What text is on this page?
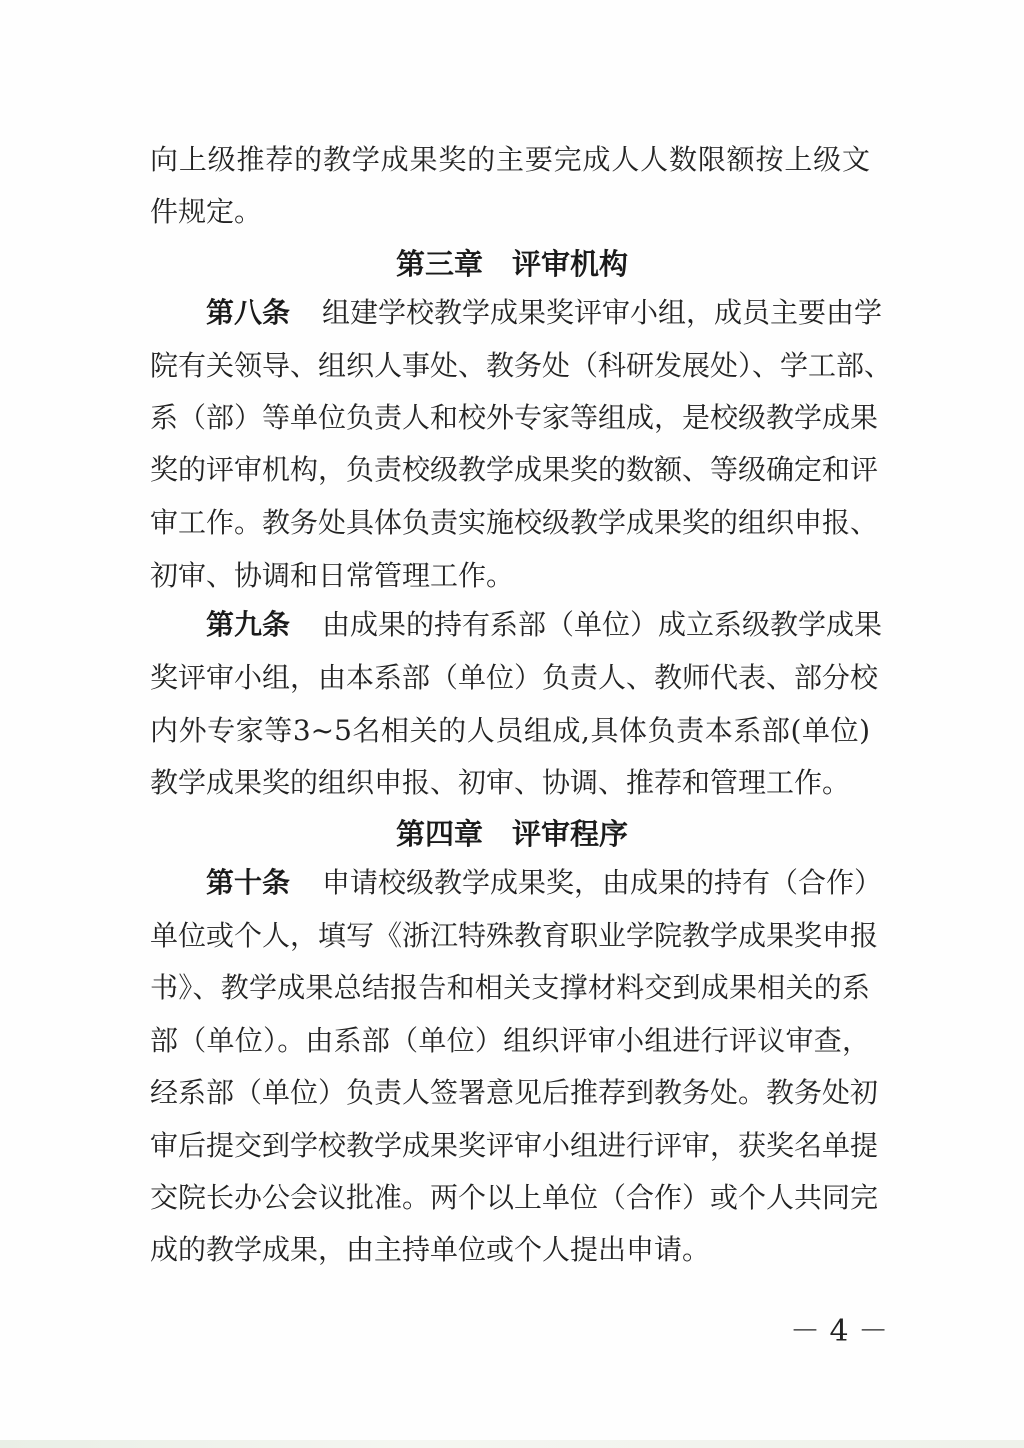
向上级推荐的教学成果奖的主要完成人人数限额按上级文
件规定。
第三章　评审机构
第八条 组建学校教学成果奖评审小组，成员主要由学
院有关领导、组织人事处、教务处（科研发展处）、学工部、
系（部）等单位负责人和校外专家等组成，是校级教学成果
奖的评审机构，负责校级教学成果奖的数额、等级确定和评
审工作。教务处具体负责实施校级教学成果奖的组织申报、
初审、协调和日常管理工作。
第九条 由成果的持有系部（单位）成立系级教学成果
奖评审小组，由本系部（单位）负责人、教师代表、部分校
内外专家等3~5名相关的人员组成,具体负责本系部(单位)
教学成果奖的组织申报、初审、协调、推荐和管理工作。
第四章　评审程序
第十条 申请校级教学成果奖，由成果的持有（合作）
单位或个人，填写《浙江特殊教育职业学院教学成果奖申报
书》、教学成果总结报告和相关支撑材料交到成果相关的系
部（单位）。由系部（单位）组织评审小组进行评议审查，
经系部（单位）负责人签署意见后推荐到教务处。教务处初
审后提交到学校教学成果奖评审小组进行评审，获奖名单提
交院长办公会议批准。两个以上单位（合作）或个人共同完
成的教学成果，由主持单位或个人提出申请。
－ 4 －
